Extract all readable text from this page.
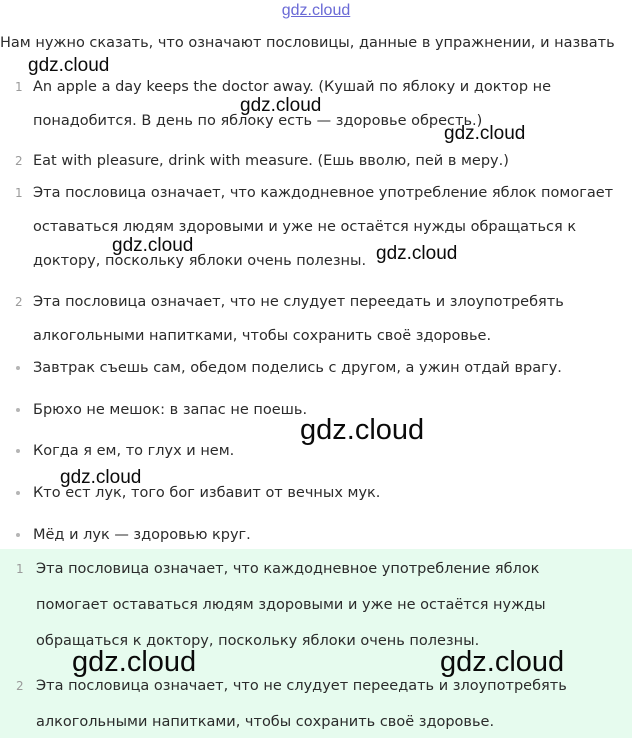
gdz.cloud
Нам нужно сказать, что означают пословицы, данные в упражнении, и назвать
1 An apple a day keeps the doctor away. (Кушай по яблоку и доктор не
понадобится. В день по яблоку есть — здоровье обресть.)
2 Eat with pleasure, drink with measure. (Ешь вволю, пей в меру.)
1 Эта пословица означает, что каждодневное употребление яблок помогает
оставаться людям здоровыми и уже не остаётся нужды обращаться к
доктору, поскольку яблоки очень полезны.
2 Эта пословица означает, что не слудует переедать и злоупотребять
алкогольными напитками, чтобы сохранить своё здоровье.
Завтрак съешь сам, обедом поделись с другом, а ужин отдай врагу.
Брюхо не мешок: в запас не поешь.
Когда я ем, то глух и нем.
Кто ест лук, того бог избавит от вечных мук.
Мёд и лук — здоровью круг.
1 Эта пословица означает, что каждодневное употребление яблок
помогает оставаться людям здоровыми и уже не остаётся нужды
обращаться к доктору, поскольку яблоки очень полезны.
2 Эта пословица означает, что не слудует переедать и злоупотребять
алкогольными напитками, чтобы сохранить своё здоровье.
gdz.cloud
gdz.cloud
gdz.cloud
gdz.cloud	gdz.cloud
gdz.cloud
gdz.cloud
gdz.cloud	gdz.cloud
